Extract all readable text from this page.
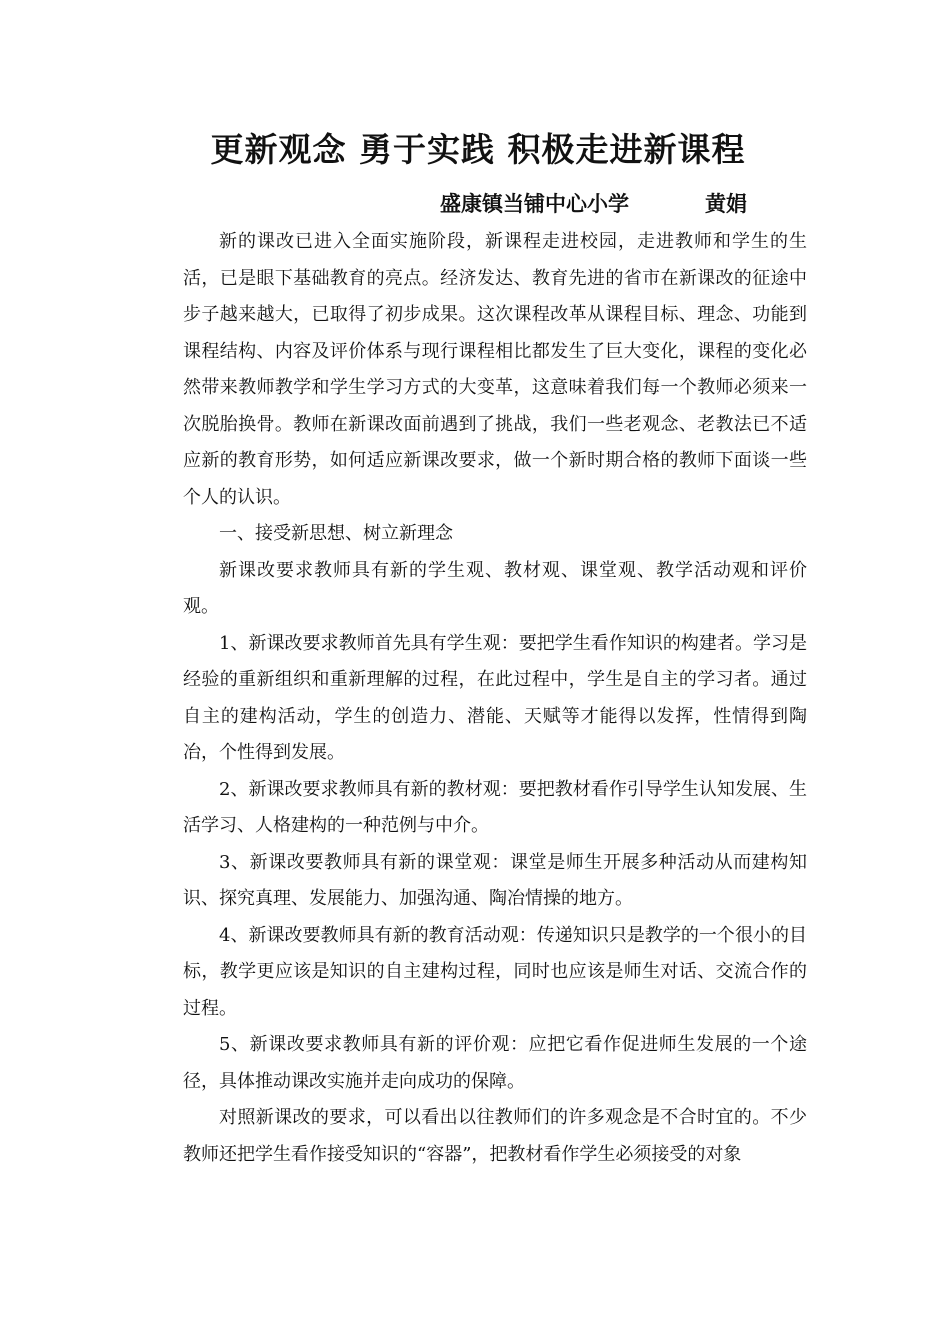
更新观念 勇于实践 积极走进新课程
盛康镇当铺中心小学	黄娟

新的课改已进入全面实施阶段，新课程走进校园，走进教师和学生的生活，已是眼下基础教育的亮点。经济发达、教育先进的省市在新课改的征途中步子越来越大，已取得了初步成果。这次课程改革从课程目标、理念、功能到课程结构、内容及评价体系与现行课程相比都发生了巨大变化，课程的变化必然带来教师教学和学生学习方式的大变革，这意味着我们每一个教师必须来一次脱胎换骨。教师在新课改面前遇到了挑战，我们一些老观念、老教法已不适应新的教育形势，如何适应新课改要求，做一个新时期合格的教师下面谈一些个人的认识。

一、接受新思想、树立新理念

新课改要求教师具有新的学生观、教材观、课堂观、教学活动观和评价观。

1、新课改要求教师首先具有学生观：要把学生看作知识的构建者。学习是经验的重新组织和重新理解的过程，在此过程中，学生是自主的学习者。通过自主的建构活动，学生的创造力、潜能、天赋等才能得以发挥，性情得到陶冶，个性得到发展。

2、新课改要求教师具有新的教材观：要把教材看作引导学生认知发展、生活学习、人格建构的一种范例与中介。

3、新课改要教师具有新的课堂观：课堂是师生开展多种活动从而建构知识、探究真理、发展能力、加强沟通、陶冶情操的地方。

4、新课改要教师具有新的教育活动观：传递知识只是教学的一个很小的目标，教学更应该是知识的自主建构过程，同时也应该是师生对话、交流合作的过程。

5、新课改要求教师具有新的评价观：应把它看作促进师生发展的一个途径，具体推动课改实施并走向成功的保障。

对照新课改的要求，可以看出以往教师们的许多观念是不合时宜的。不少教师还把学生看作接受知识的“容器”，把教材看作学生必须接受的对象
